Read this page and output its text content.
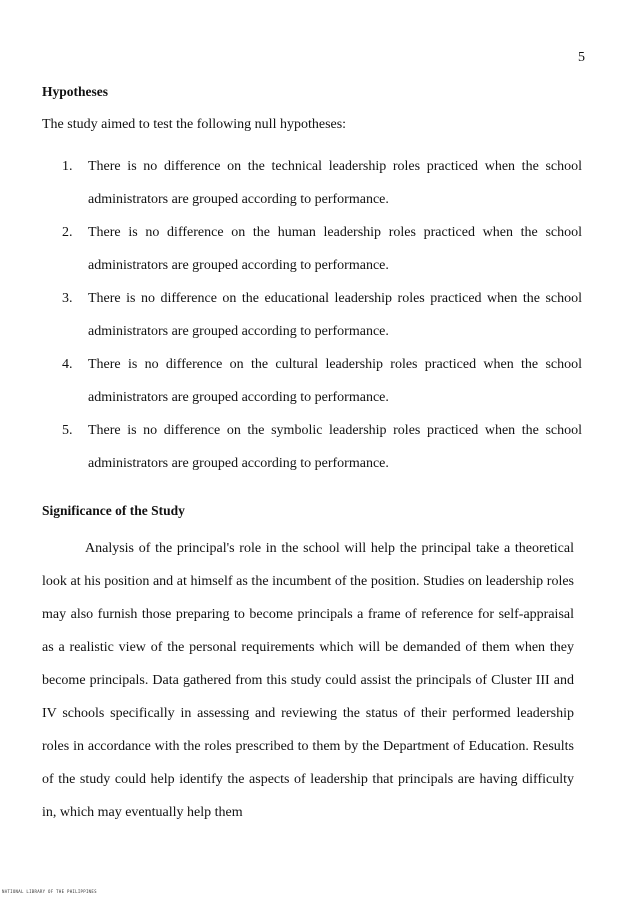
5
Hypotheses
The study aimed to test the following null hypotheses:
1. There is no difference on the technical leadership roles practiced when the school administrators are grouped according to performance.
2. There is no difference on the human leadership roles practiced when the school administrators are grouped according to performance.
3. There is no difference on the educational leadership roles practiced when the school administrators are grouped according to performance.
4. There is no difference on the cultural leadership roles practiced when the school administrators are grouped according to performance.
5. There is no difference on the symbolic leadership roles practiced when the school administrators are grouped according to performance.
Significance of the Study

Analysis of the principal's role in the school will help the principal take a theoretical look at his position and at himself as the incumbent of the position. Studies on leadership roles may also furnish those preparing to become principals a frame of reference for self-appraisal as a realistic view of the personal requirements which will be demanded of them when they become principals. Data gathered from this study could assist the principals of Cluster III and IV schools specifically in assessing and reviewing the status of their performed leadership roles in accordance with the roles prescribed to them by the Department of Education. Results of the study could help identify the aspects of leadership that principals are having difficulty in, which may eventually help them

NATIONAL LIBRARY OF THE PHILIPPINES
